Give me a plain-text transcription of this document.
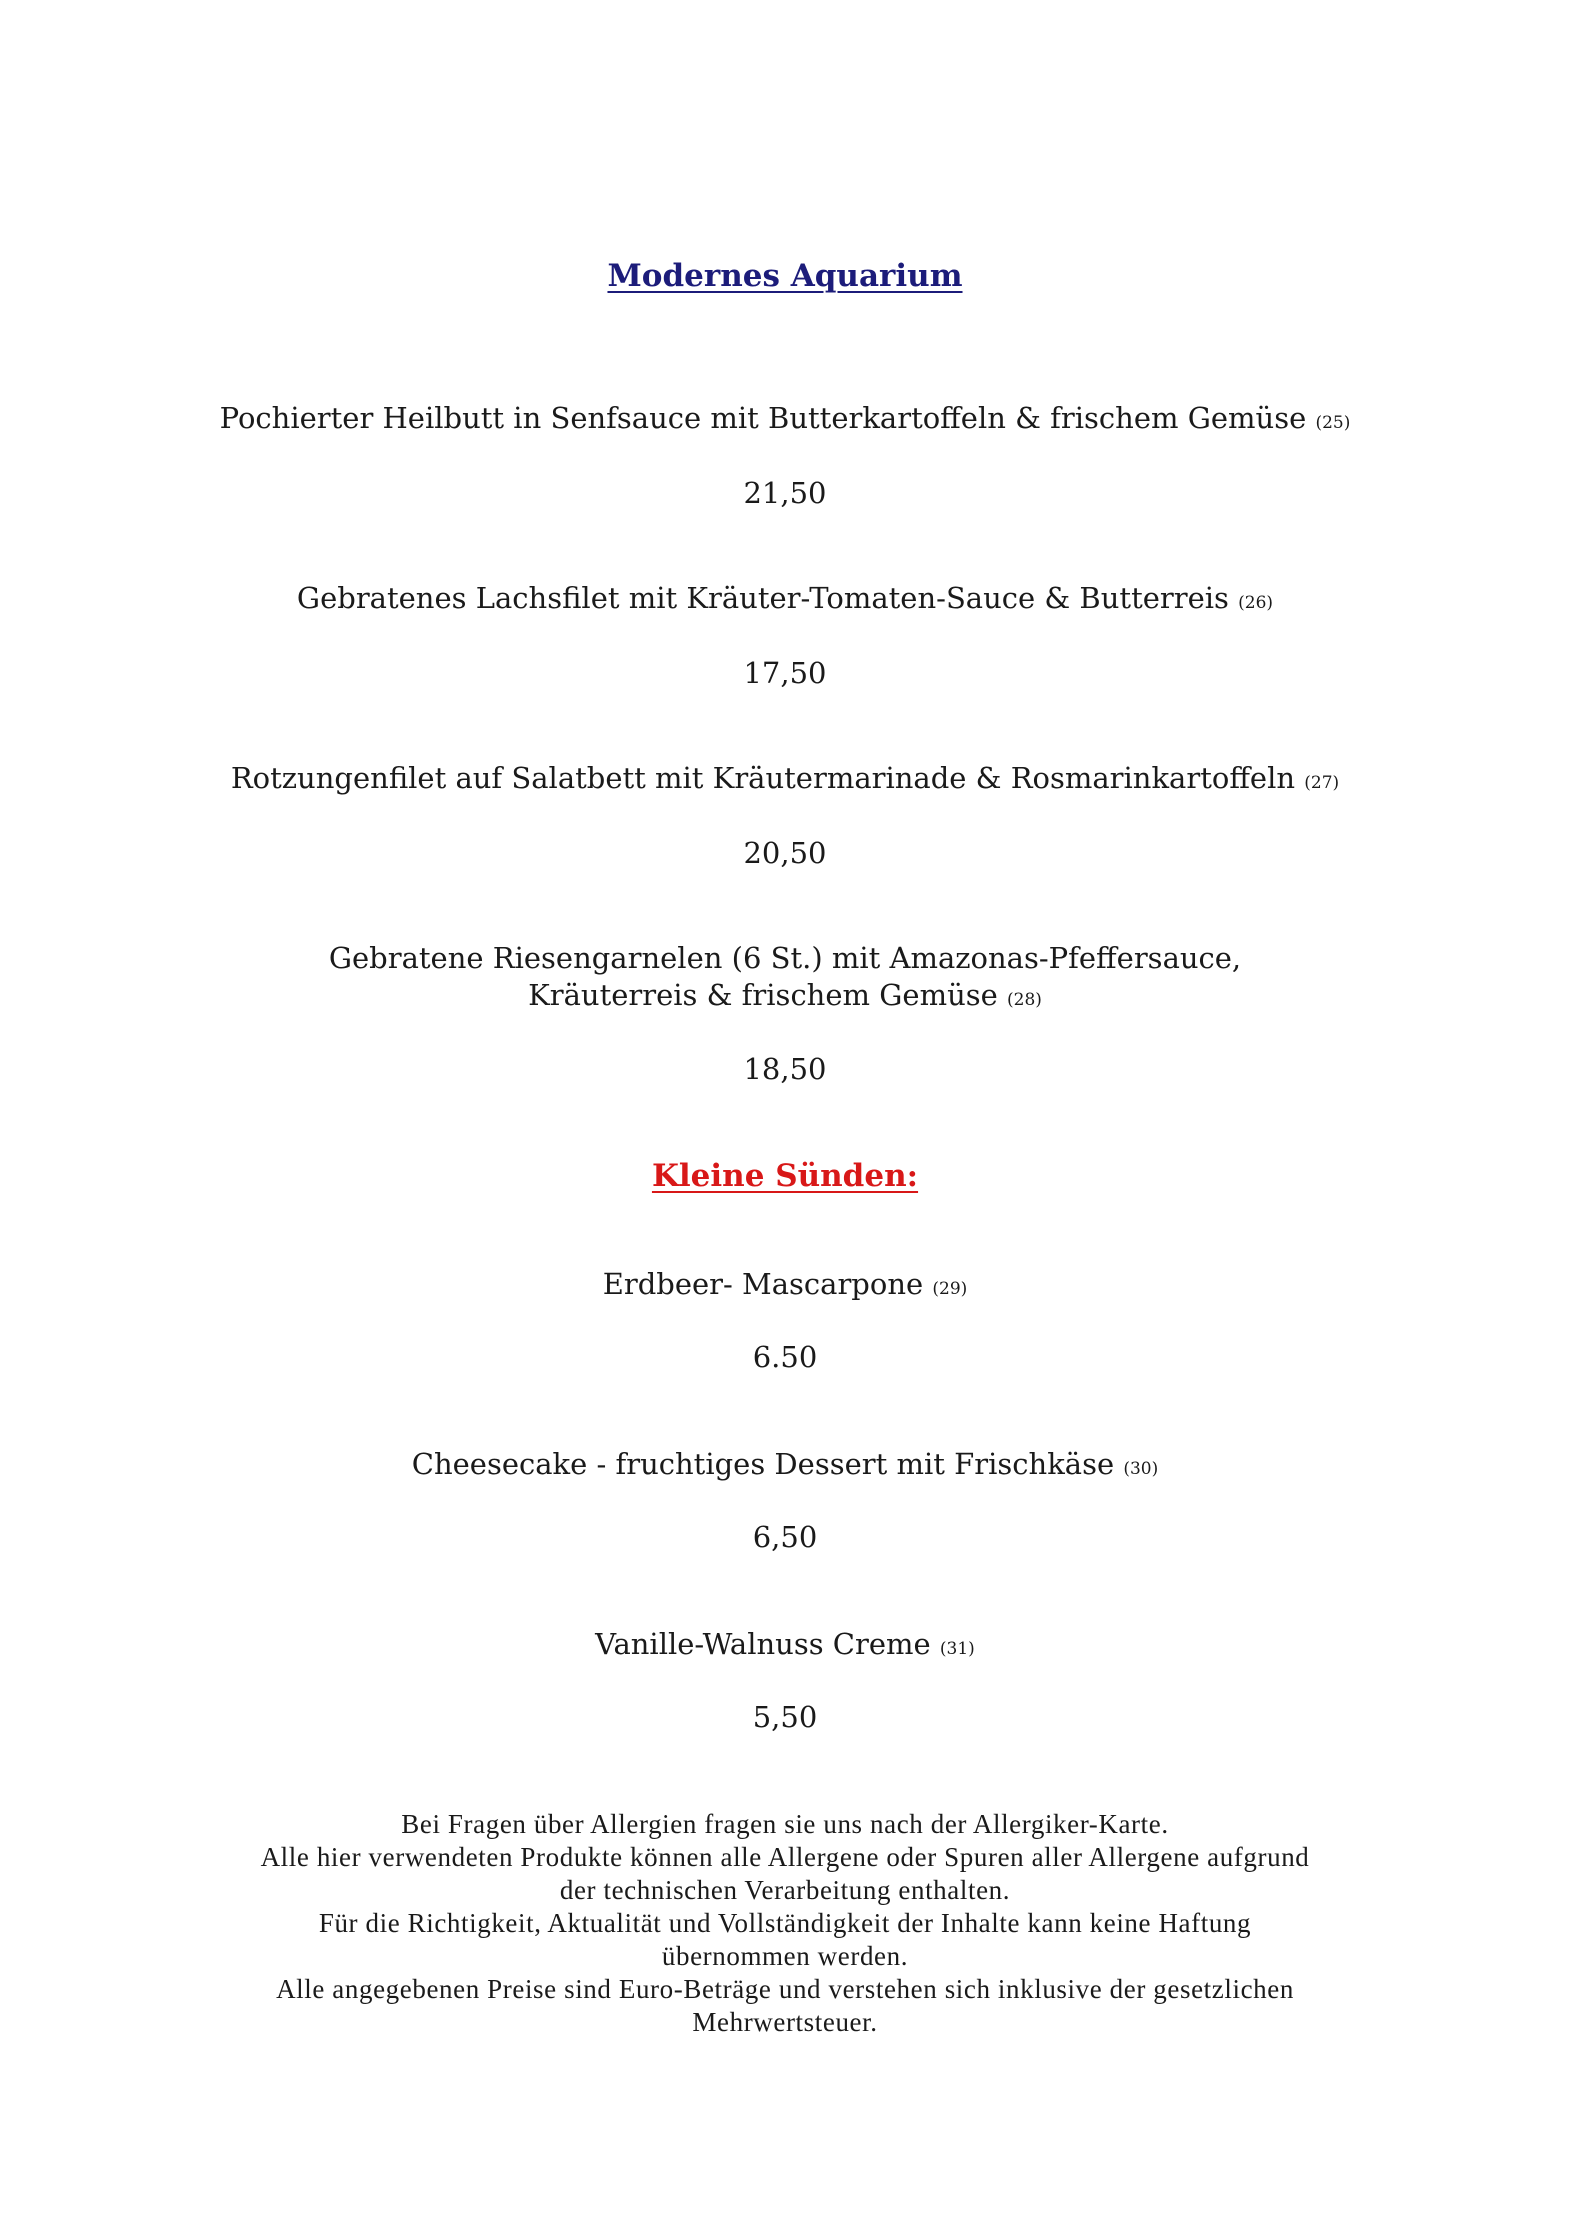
Modernes Aquarium
Pochierter Heilbutt in Senfsauce mit Butterkartoffeln & frischem Gemüse (25)
21,50
Gebratenes Lachsfilet mit Kräuter-Tomaten-Sauce & Butterreis (26)
17,50
Rotzungenfilet auf Salatbett mit Kräutermarinade & Rosmarinkartoffeln (27)
20,50
Gebratene Riesengarnelen (6 St.) mit Amazonas-Pfeffersauce, Kräuterreis & frischem Gemüse (28)
18,50
Kleine Sünden:
Erdbeer- Mascarpone (29)
6.50
Cheesecake - fruchtiges Dessert mit Frischkäse (30)
6,50
Vanille-Walnuss Creme (31)
5,50
Bei Fragen über Allergien fragen sie uns nach der Allergiker-Karte.
Alle hier verwendeten Produkte können alle Allergene oder Spuren aller Allergene aufgrund
der technischen Verarbeitung enthalten.
Für die Richtigkeit, Aktualität und Vollständigkeit der Inhalte kann keine Haftung
übernommen werden.
Alle angegebenen Preise sind Euro-Beträge und verstehen sich inklusive der gesetzlichen
Mehrwertsteuer.
